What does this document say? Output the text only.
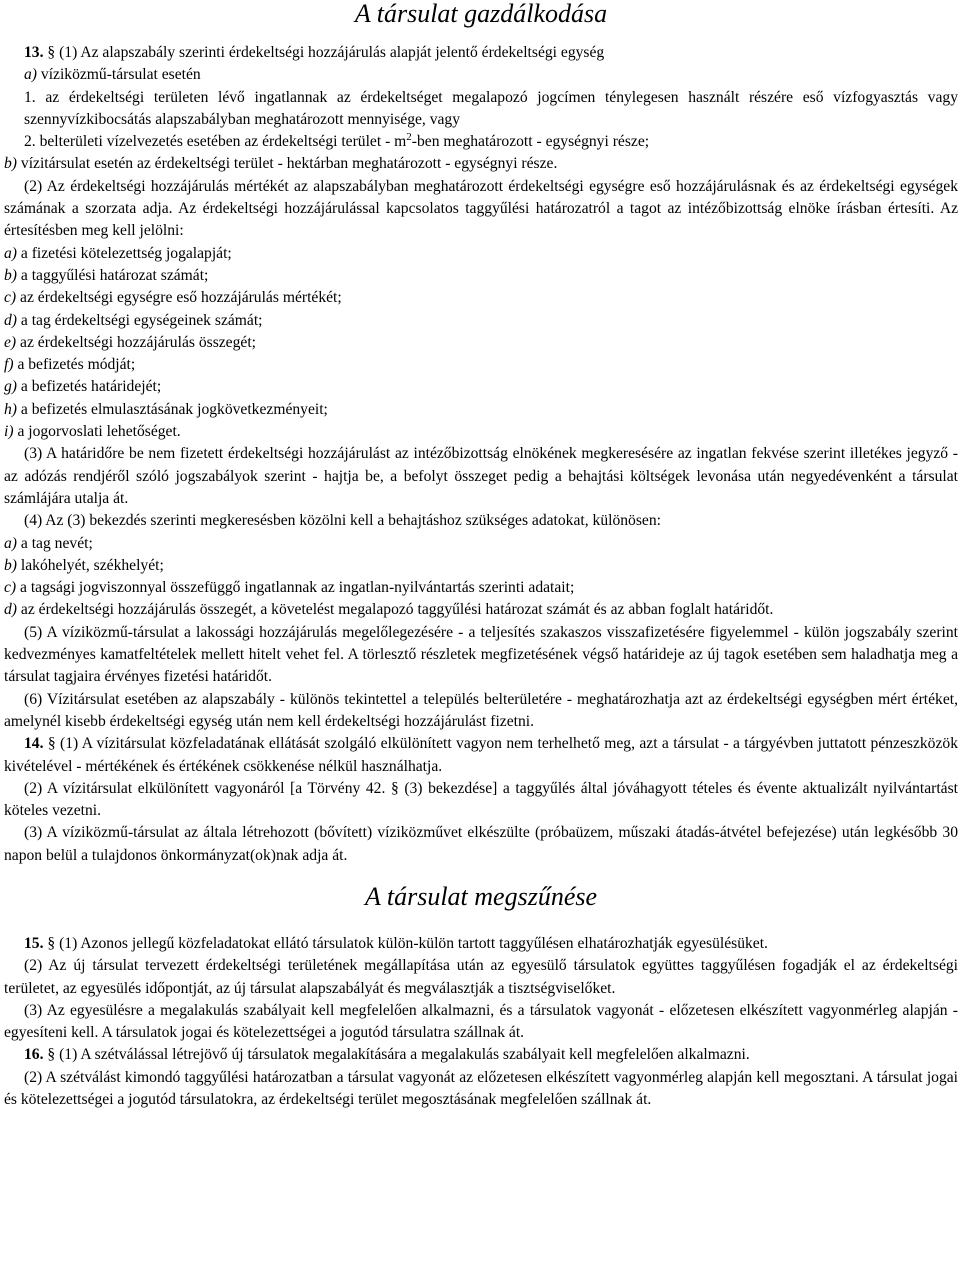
A társulat gazdálkodása

13. § (1) Az alapszabály szerinti érdekeltségi hozzájárulás alapját jelentő érdekeltségi egység

a) víziközmű-társulat esetén

1. az érdekeltségi területen lévő ingatlannak az érdekeltséget megalapozó jogcímen ténylegesen használt részére eső vízfogyasztás vagy szennyvízkibocsátás alapszabályban meghatározott mennyisége, vagy

2. belterületi vízelvezetés esetében az érdekeltségi terület - $m^2$-ben meghatározott - egységnyi része;

b) vízitársulat esetén az érdekeltségi terület - hektárban meghatározott - egységnyi része.

(2) Az érdekeltségi hozzájárulás mértékét az alapszabályban meghatározott érdekeltségi egységre eső hozzájárulásnak és az érdekeltségi egységek számának a szorzata adja. Az érdekeltségi hozzájárulással kapcsolatos taggyűlési határozatról a tagot az intézőbizottság elnöke írásban értesíti. Az értesítésben meg kell jelölni:

a) a fizetési kötelezettség jogalapját;

b) a taggyűlési határozat számát;

c) az érdekeltségi egységre eső hozzájárulás mértékét;

d) a tag érdekeltségi egységeinek számát;

e) az érdekeltségi hozzájárulás összegét;

f) a befizetés módját;

g) a befizetés határidejét;

h) a befizetés elmulasztásának jogkövetkezményeit;

i) a jogorvoslati lehetőséget.

(3) A határidőre be nem fizetett érdekeltségi hozzájárulást az intézőbizottság elnökének megkeresésére az ingatlan fekvése szerint illetékes jegyző - az adózás rendjéről szóló jogszabályok szerint - hajtja be, a befolyt összeget pedig a behajtási költségek levonása után negyedévenként a társulat számlájára utalja át.

(4) Az (3) bekezdés szerinti megkeresésben közölni kell a behajtáshoz szükséges adatokat, különösen:

a) a tag nevét;

b) lakóhelyét, székhelyét;

c) a tagsági jogviszonnyal összefüggő ingatlannak az ingatlan-nyilvántartás szerinti adatait;

d) az érdekeltségi hozzájárulás összegét, a követelést megalapozó taggyűlési határozat számát és az abban foglalt határidőt.

(5) A víziközmű-társulat a lakossági hozzájárulás megelőlegezésére - a teljesítés szakaszos visszafizetésére figyelemmel - külön jogszabály szerint kedvezményes kamatfeltételek mellett hitelt vehet fel. A törlesztő részletek megfizetésének végső határideje az új tagok esetében sem haladhatja meg a társulat tagjaira érvényes fizetési határidőt.

(6) Vízitársulat esetében az alapszabály - különös tekintettel a település belterületére - meghatározhatja azt az érdekeltségi egységben mért értéket, amelynél kisebb érdekeltségi egység után nem kell érdekeltségi hozzájárulást fizetni.

14. § (1) A vízitársulat közfeladatának ellátását szolgáló elkülönített vagyon nem terhelhető meg, azt a társulat - a tárgyévben juttatott pénzeszközök kivételével - mértékének és értékének csökkenése nélkül használhatja.

(2) A vízitársulat elkülönített vagyonáról [a Törvény 42. § (3) bekezdése] a taggyűlés által jóváhagyott tételes és évente aktualizált nyilvántartást köteles vezetni.

(3) A víziközmű-társulat az általa létrehozott (bővített) víziközművet elkészülte (próbaüzem, műszaki átadás-átvétel befejezése) után legkésőbb 30 napon belül a tulajdonos önkormányzat(ok)nak adja át.

A társulat megszűnése

15. § (1) Azonos jellegű közfeladatokat ellátó társulatok külön-külön tartott taggyűlésen elhatározhatják egyesülésüket.

(2) Az új társulat tervezett érdekeltségi területének megállapítása után az egyesülő társulatok együttes taggyűlésen fogadják el az érdekeltségi területet, az egyesülés időpontját, az új társulat alapszabályát és megválasztják a tisztségviselőket.

(3) Az egyesülésre a megalakulás szabályait kell megfelelően alkalmazni, és a társulatok vagyonát - előzetesen elkészített vagyonmérleg alapján - egyesíteni kell. A társulatok jogai és kötelezettségei a jogutód társulatra szállnak át.

16. § (1) A szétválással létrejövő új társulatok megalakítására a megalakulás szabályait kell megfelelően alkalmazni.

(2) A szétválást kimondó taggyűlési határozatban a társulat vagyonát az előzetesen elkészített vagyonmérleg alapján kell megosztani. A társulat jogai és kötelezettségei a jogutód társulatokra, az érdekeltségi terület megosztásának megfelelően szállnak át.
